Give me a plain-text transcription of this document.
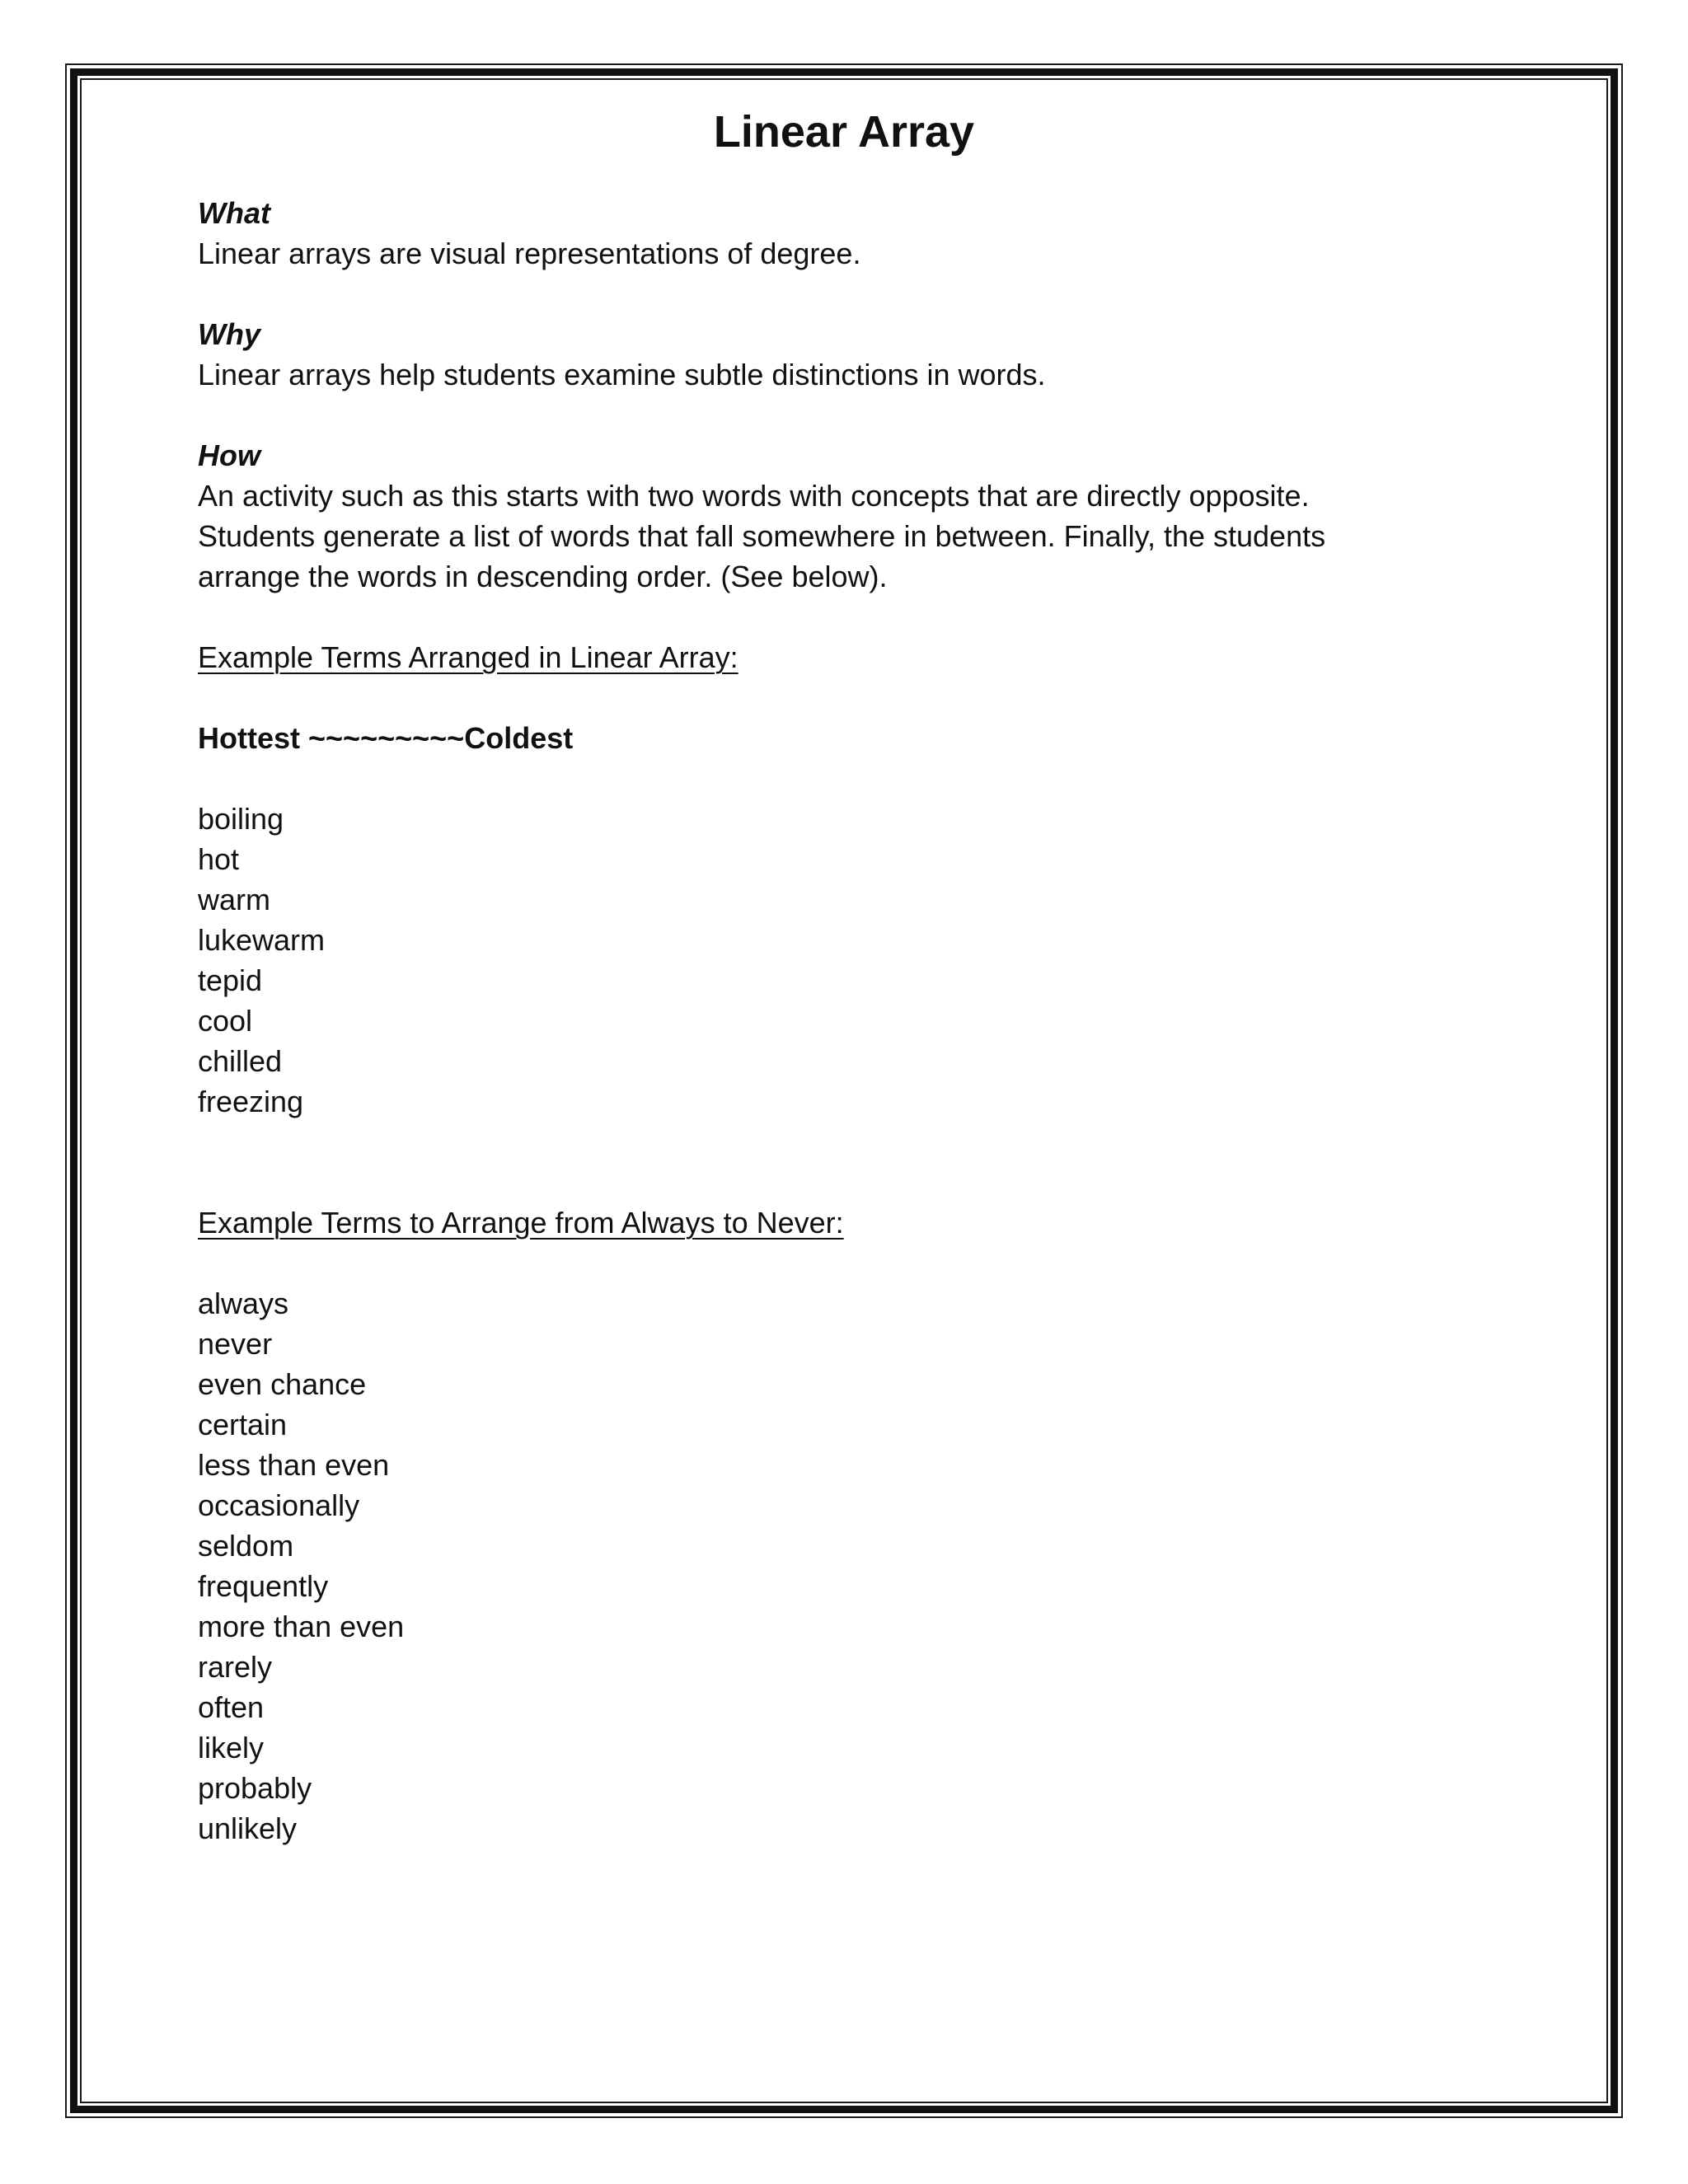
Linear Array

What

Linear arrays are visual representations of degree.

Why

Linear arrays help students examine subtle distinctions in words.

How

An activity such as this starts with two words with concepts that are directly opposite.

Students generate a list of words that fall somewhere in between. Finally, the students

arrange the words in descending order. (See below).

Example Terms Arranged in Linear Array:

Hottest ~~~~~~~~~Coldest

boiling
hot
warm
lukewarm
tepid
cool
chilled
freezing

Example Terms to Arrange from Always to Never:

always
never
even chance
certain
less than even
occasionally
seldom
frequently
more than even
rarely
often
likely
probably
unlikely
